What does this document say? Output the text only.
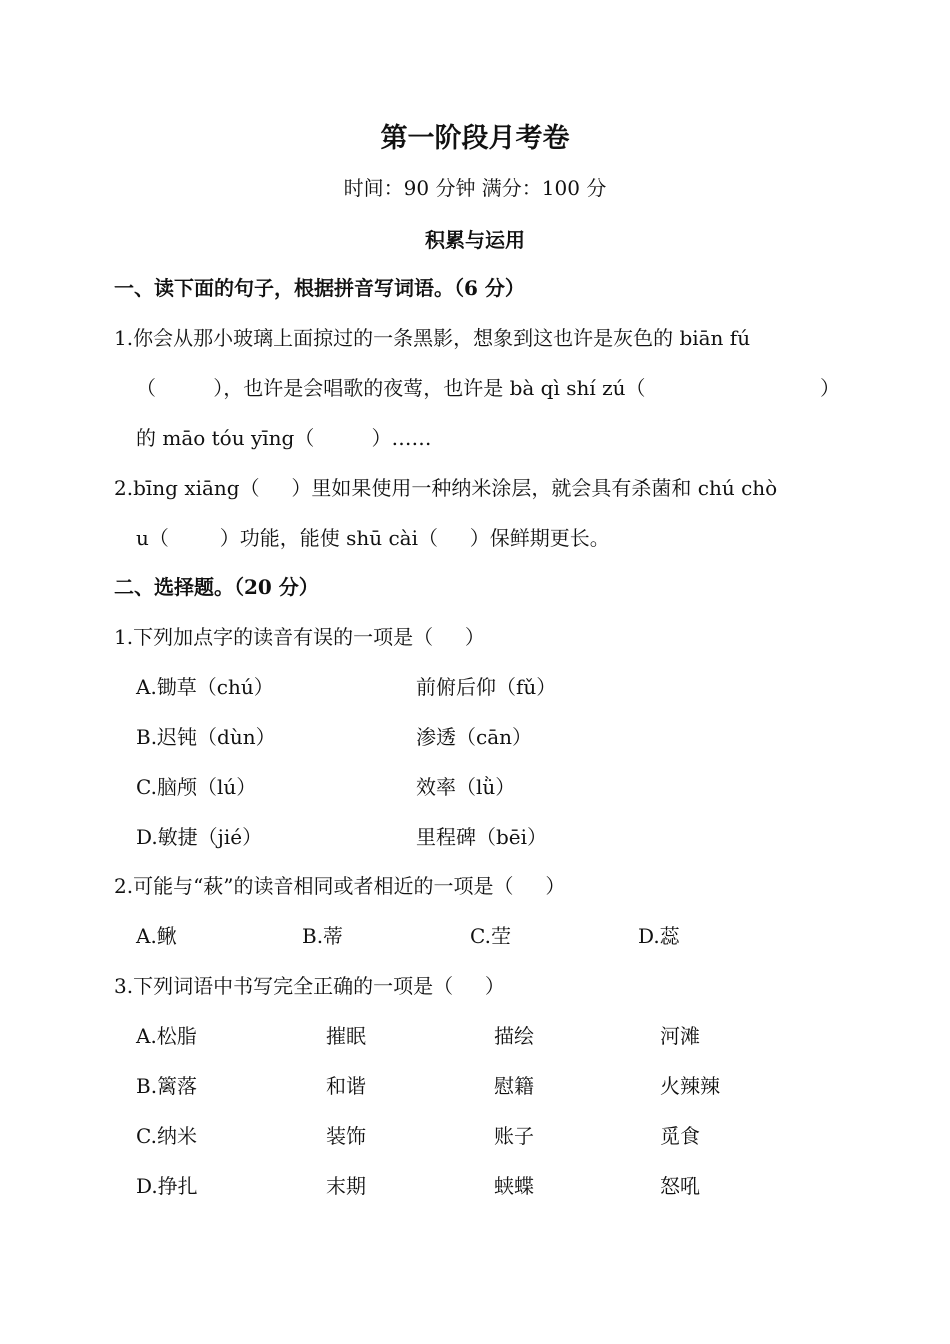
第一阶段月考卷
时间：90 分钟 满分：100 分
积累与运用
一、读下面的句子，根据拼音写词语。（6 分）
1.你会从那小玻璃上面掠过的一条黑影，想象到这也许是灰色的 biān fú
（         ），也许是会唱歌的夜莺，也许是 bà qì shí zú（	）
的 māo tóu yīng（         ）……
2.bīng xiāng（     ）里如果使用一种纳米涂层，就会具有杀菌和 chú chò
u（        ）功能，能使 shū cài（     ）保鲜期更长。
二、选择题。（20 分）
1.下列加点字的读音有误的一项是（     ）
A.锄草（chú）	前俯后仰（fǔ）
B.迟钝（dùn）	渗透（cān）
C.脑颅（lú）	效率（lǜ）
D.敏捷（jié）	里程碑（bēi）
2.可能与“萩”的读音相同或者相近的一项是（     ）
A.鳅	B.蒂	C.茔	D.蕊
3.下列词语中书写完全正确的一项是（     ）
A.松脂	摧眠	描绘	河滩
B.篱落	和谐	慰籍	火辣辣
C.纳米	装饰	账子	觅食
D.挣扎	末期	蛱蝶	怒吼
